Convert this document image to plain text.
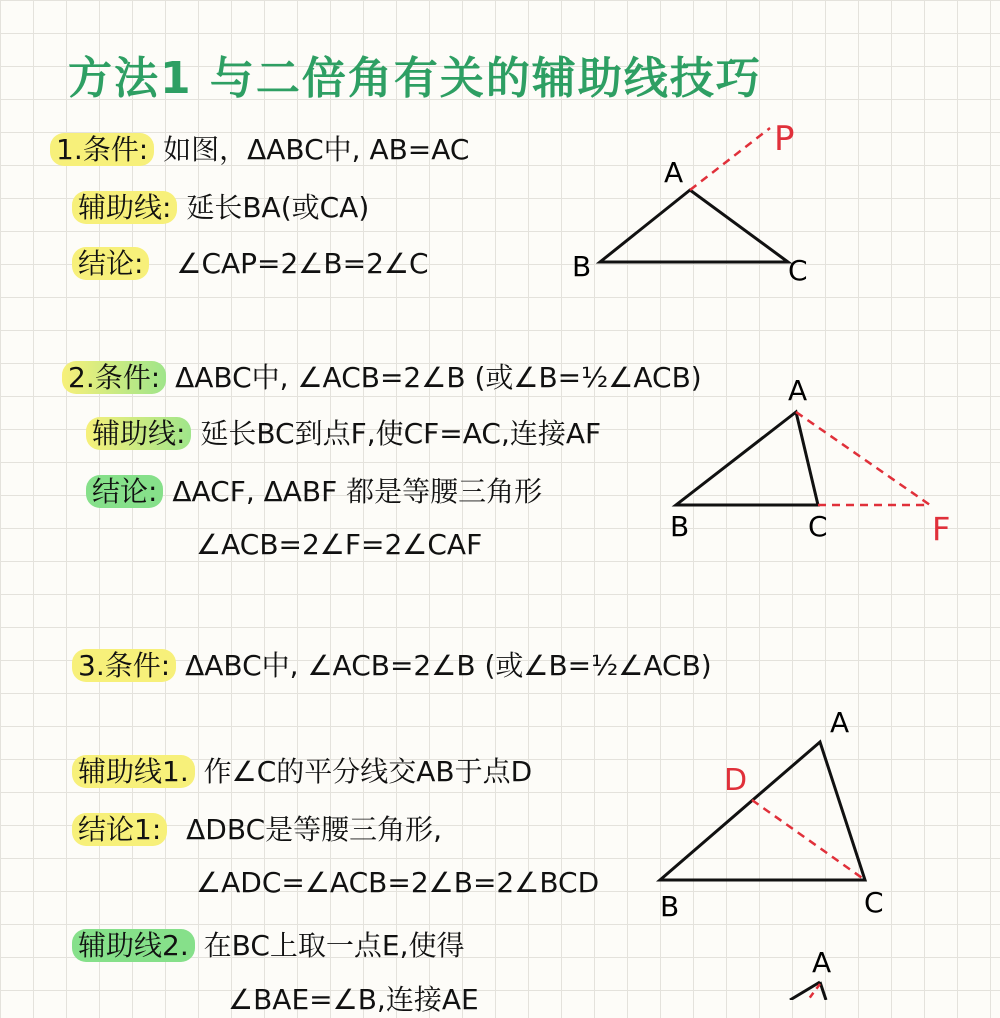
方法1 与二倍角有关的辅助线技巧
1.条件: 如图，ΔABC中, AB=AC
辅助线: 延长BA(或CA)
结论: ∠CAP=2∠B=2∠C
2.条件: ΔABC中, ∠ACB=2∠B (或∠B=½∠ACB)
辅助线: 延长BC到点F,使CF=AC,连接AF
结论: ΔACF, ΔABF 都是等腰三角形
∠ACB=2∠F=2∠CAF
3.条件: ΔABC中, ∠ACB=2∠B (或∠B=½∠ACB)
辅助线1. 作∠C的平分线交AB于点D
结论1: ΔDBC是等腰三角形,
∠ADC=∠ACB=2∠B=2∠BCD
辅助线2. 在BC上取一点E,使得
∠BAE=∠B,连接AE
A
B	C
P
A
B	C	F
A
D
B	C
A
